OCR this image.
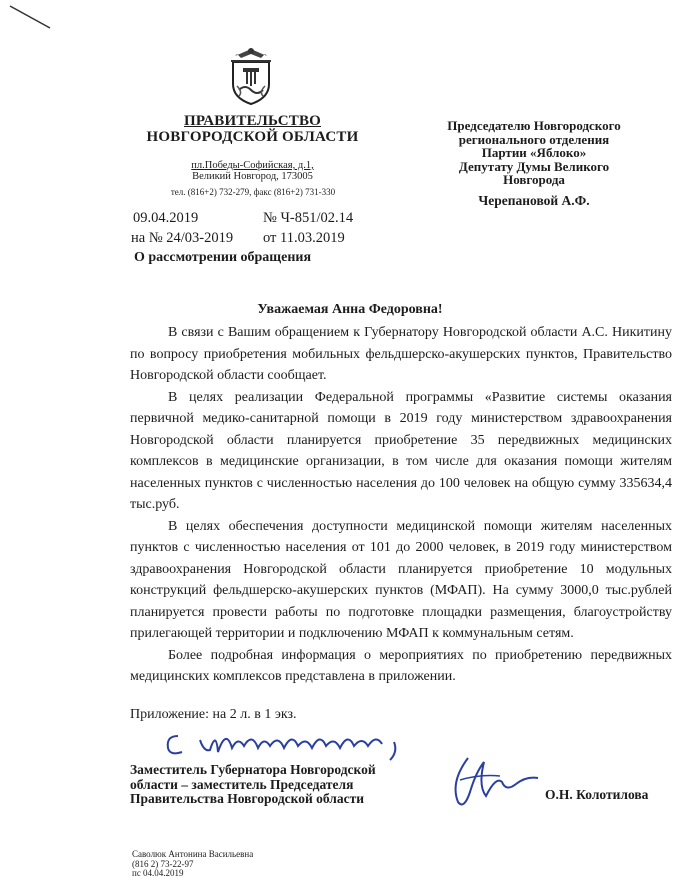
ПРАВИТЕЛЬСТВО
НОВГОРОДСКОЙ ОБЛАСТИ
пл.Победы-Софийская, д.1,
Великий Новгород, 173005
тел. (816+2) 732-279, факс (816+2) 731-330
Председателю Новгородского
регионального отделения
Партии «Яблоко»
Депутату Думы Великого
Новгорода
Черепановой А.Ф.
09.04.2019	№ Ч-851/02.14
на № 24/03-2019 от 11.03.2019
О рассмотрении обращения
Уважаемая Анна Федоровна!

В связи с Вашим обращением к Губернатору Новгородской области А.С. Никитину по вопросу приобретения мобильных фельдшерско-акушерских пунктов, Правительство Новгородской области сообщает.

В целях реализации Федеральной программы «Развитие системы оказания первичной медико-санитарной помощи в 2019 году министерством здравоохранения Новгородской области планируется приобретение 35 передвижных медицинских комплексов в медицинские организации, в том числе для оказания помощи жителям населенных пунктов с численностью населения до 100 человек на общую сумму 335634,4 тыс.руб.

В целях обеспечения доступности медицинской помощи жителям населенных пунктов с численностью населения от 101 до 2000 человек, в 2019 году министерством здравоохранения Новгородской области планируется приобретение 10 модульных конструкций фельдшерско-акушерских пунктов (МФАП). На сумму 3000,0 тыс.рублей планируется провести работы по подготовке площадки размещения, благоустройству прилегающей территории и подключению МФАП к коммунальным сетям.

Более подробная информация о мероприятиях по приобретению передвижных медицинских комплексов представлена в приложении.

Приложение: на 2 л. в 1 экз.
Заместитель Губернатора Новгородской
области – заместитель Председателя
Правительства Новгородской области	О.Н. Колотилова
Саволюк Антонина Васильевна
(816 2) 73-22-97
пс 04.04.2019
